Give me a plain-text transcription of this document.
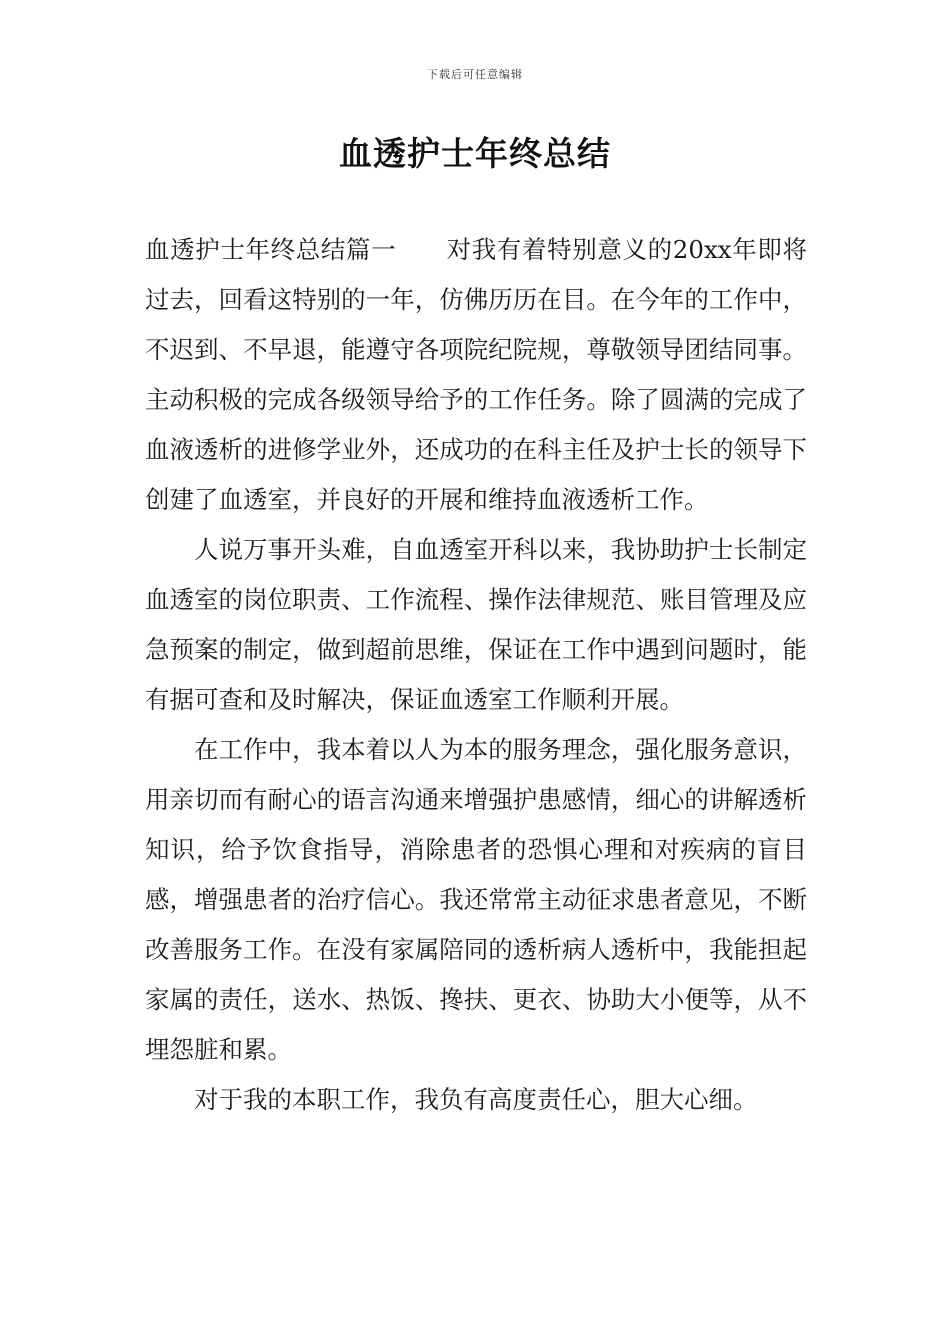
下载后可任意编辑
血透护士年终总结

血透护士年终总结篇一　　对我有着特别意义的20xx年即将过去，回看这特别的一年，仿佛历历在目。在今年的工作中，不迟到、不早退，能遵守各项院纪院规，尊敬领导团结同事。主动积极的完成各级领导给予的工作任务。除了圆满的完成了血液透析的进修学业外，还成功的在科主任及护士长的领导下创建了血透室，并良好的开展和维持血液透析工作。

人说万事开头难，自血透室开科以来，我协助护士长制定血透室的岗位职责、工作流程、操作法律规范、账目管理及应急预案的制定，做到超前思维，保证在工作中遇到问题时，能有据可查和及时解决，保证血透室工作顺利开展。

在工作中，我本着以人为本的服务理念，强化服务意识，用亲切而有耐心的语言沟通来增强护患感情，细心的讲解透析知识，给予饮食指导，消除患者的恐惧心理和对疾病的盲目感，增强患者的治疗信心。我还常常主动征求患者意见，不断改善服务工作。在没有家属陪同的透析病人透析中，我能担起家属的责任，送水、热饭、搀扶、更衣、协助大小便等，从不埋怨脏和累。

对于我的本职工作，我负有高度责任心，胆大心细。
